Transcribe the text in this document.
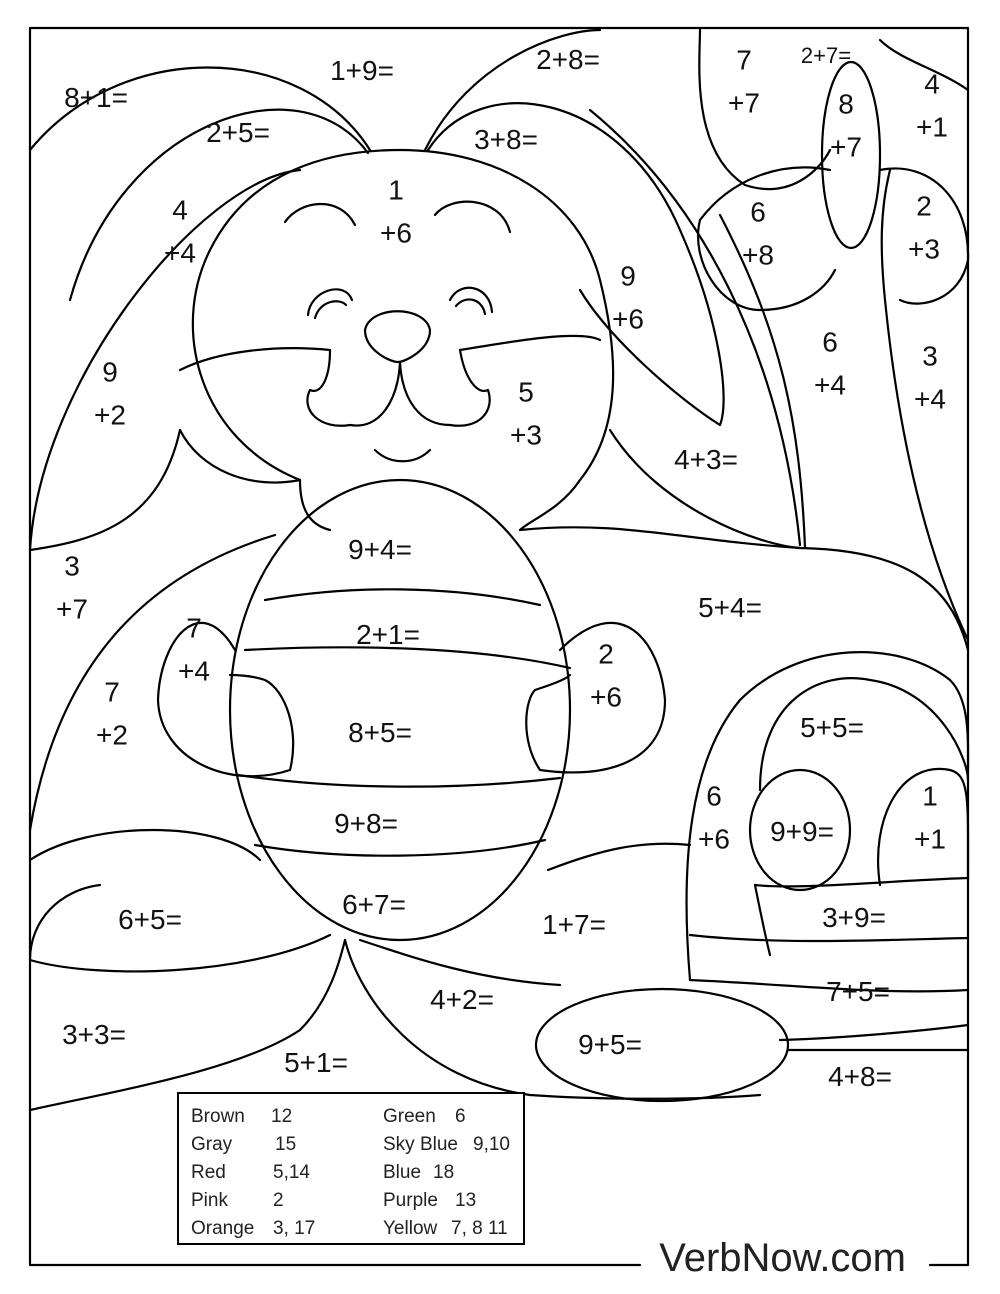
8+1=
1+9=	2+8=	7
+7
2+7=
8
+7
4
+1
2+5=	3+8=
1
+6
4
+4
6
+8
2
+3
9
+6
6
+4
3
+4
9
+2
5
+3
4+3=
9+4=
3
+7	5+4=
7
+4
2+1=
2
+6
7
+2	8+5=	5+5=
6
+6 9+9=
1
+1
9+8=
6+5=	6+7=
1+7=	3+9=
4+2=	7+5=
3+3=	9+5=
5+1=	4+8=
Brown	12
Gray	15
Red	5,14
Pink	2
Orange 3, 17
Green	6
Sky Blue 9,10
Blue 18
Purple 13
Yellow 7, 8 11
VerbNow.com
